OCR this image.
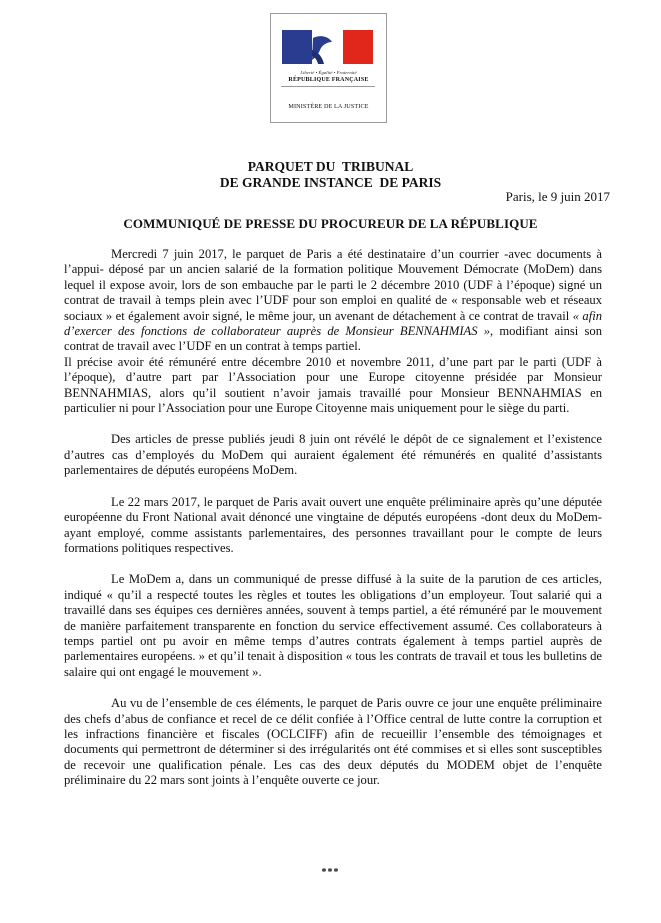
Liberté • Égalité • Fraternité
RÉPUBLIQUE FRANÇAISE
MINISTÈRE DE LA JUSTICE
PARQUET DU  TRIBUNAL
DE GRANDE INSTANCE  DE PARIS
Paris, le 9 juin 2017
COMMUNIQUÉ DE PRESSE DU PROCUREUR DE LA RÉPUBLIQUE

Mercredi 7 juin 2017, le parquet de Paris a été destinataire d’un courrier -avec documents à l’appui- déposé par un ancien salarié de la formation politique Mouvement Démocrate (MoDem) dans lequel il expose avoir, lors de son embauche par le parti le 2 décembre 2010 (UDF à l’époque) signé un contrat de travail à temps plein avec l’UDF pour son emploi en qualité de « responsable web et réseaux sociaux » et également avoir signé, le même jour, un avenant de détachement à ce contrat de travail « afin d’exercer des fonctions de collaborateur auprès de Monsieur BENNAHMIAS », modifiant ainsi son contrat de travail avec l’UDF en un contrat à temps partiel.

Il précise avoir été rémunéré entre décembre 2010 et novembre 2011, d’une part par le parti (UDF à l’époque), d’autre part par l’Association pour une Europe citoyenne présidée par Monsieur BENNAHMIAS, alors qu’il soutient n’avoir jamais travaillé pour Monsieur BENNAHMIAS en particulier ni pour l’Association pour une Europe Citoyenne mais uniquement pour le siège du parti.

Des articles de presse publiés jeudi 8 juin ont révélé le dépôt de ce signalement et l’existence d’autres cas d’employés du MoDem qui auraient également été rémunérés en qualité d’assistants parlementaires de députés européens MoDem.

Le 22 mars 2017, le parquet de Paris avait ouvert une enquête préliminaire après qu’une députée européenne du Front National avait dénoncé une vingtaine de députés européens -dont deux du MoDem- ayant employé, comme assistants parlementaires, des personnes travaillant pour le compte de leurs formations politiques respectives.

Le MoDem a, dans un communiqué de presse diffusé à la suite de la parution de ces articles, indiqué « qu’il a respecté toutes les règles et toutes les obligations d’un employeur. Tout salarié qui a travaillé dans ses équipes ces dernières années, souvent à temps partiel, a été rémunéré par le mouvement de manière parfaitement transparente en fonction du service effectivement assumé. Ces collaborateurs à temps partiel ont pu avoir en même temps d’autres contrats également à temps partiel auprès de parlementaires européens. » et qu’il tenait à disposition « tous les contrats de travail et tous les bulletins de salaire qui ont engagé le mouvement ».

Au vu de l’ensemble de ces éléments, le parquet de Paris ouvre ce jour une enquête préliminaire des chefs d’abus de confiance et recel de ce délit confiée à l’Office central de lutte contre la corruption et les infractions financière et fiscales (OCLCIFF) afin de recueillir l’ensemble des témoignages et documents qui permettront de déterminer si des irrégularités ont été commises et si elles sont susceptibles de recevoir une qualification pénale. Les cas des deux députés du MODEM objet de l’enquête préliminaire du 22 mars sont joints à l’enquête ouverte ce jour.

***
